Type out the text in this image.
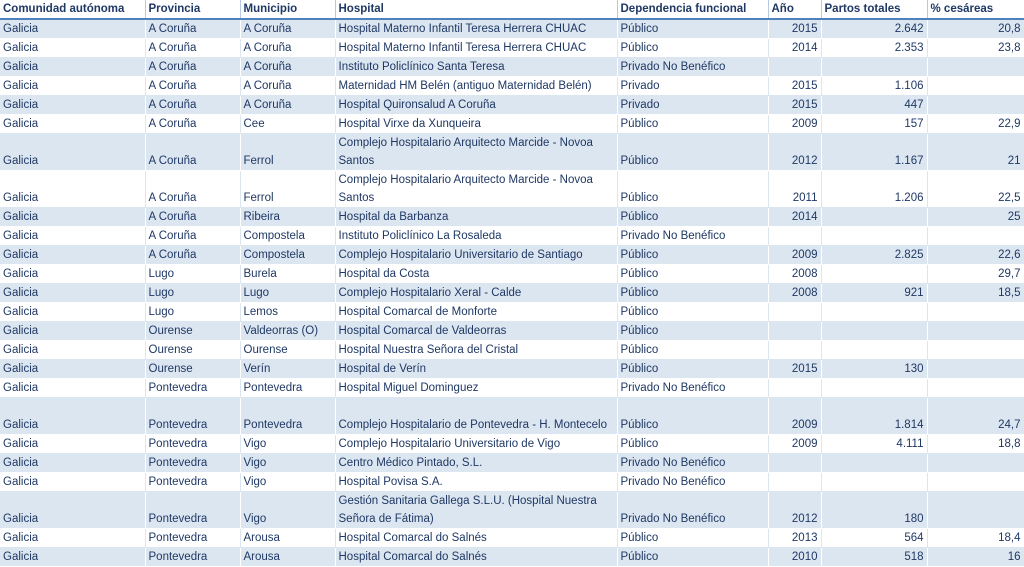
Comunidad autónoma	Provincia	Municipio	Hospital	Dependencia funcional	Año	Partos totales	% cesáreas
Galicia	A Coruña	A Coruña	Hospital Materno Infantil Teresa Herrera CHUAC	Público	2015	2.642	20,8
Galicia	A Coruña	A Coruña	Hospital Materno Infantil Teresa Herrera CHUAC	Público	2014	2.353	23,8
Galicia	A Coruña	A Coruña	Instituto Policlínico Santa Teresa	Privado No Benéfico			
Galicia	A Coruña	A Coruña	Maternidad HM Belén (antiguo Maternidad Belén)	Privado	2015	1.106	
Galicia	A Coruña	A Coruña	Hospital Quironsalud A Coruña	Privado	2015	447	
Galicia	A Coruña	Cee	Hospital Virxe da Xunqueira	Público	2009	157	22,9
Galicia	A Coruña	Ferrol	Complejo Hospitalario Arquitecto Marcide - Novoa Santos	Público	2012	1.167	21
Galicia	A Coruña	Ferrol	Complejo Hospitalario Arquitecto Marcide - Novoa Santos	Público	2011	1.206	22,5
Galicia	A Coruña	Ribeira	Hospital da Barbanza	Público	2014		25
Galicia	A Coruña	Compostela	Instituto Policlínico La Rosaleda	Privado No Benéfico			
Galicia	A Coruña	Compostela	Complejo Hospitalario Universitario de Santiago	Público	2009	2.825	22,6
Galicia	Lugo	Burela	Hospital da Costa	Público	2008		29,7
Galicia	Lugo	Lugo	Complejo Hospitalario Xeral - Calde	Público	2008	921	18,5
Galicia	Lugo	Lemos	Hospital Comarcal de Monforte	Público			
Galicia	Ourense	Valdeorras (O)	Hospital Comarcal de Valdeorras	Público			
Galicia	Ourense	Ourense	Hospital Nuestra Señora del Cristal	Público			
Galicia	Ourense	Verín	Hospital de Verín	Público	2015	130	
Galicia	Pontevedra	Pontevedra	Hospital Miguel Dominguez	Privado No Benéfico			
Galicia	Pontevedra	Pontevedra	Complejo Hospitalario de Pontevedra - H. Montecelo	Público	2009	1.814	24,7
Galicia	Pontevedra	Vigo	Complejo Hospitalario Universitario de Vigo	Público	2009	4.111	18,8
Galicia	Pontevedra	Vigo	Centro Médico Pintado, S.L.	Privado No Benéfico			
Galicia	Pontevedra	Vigo	Hospital Povisa S.A.	Privado No Benéfico			
Galicia	Pontevedra	Vigo	Gestión Sanitaria Gallega S.L.U. (Hospital Nuestra Señora de Fátima)	Privado No Benéfico	2012	180	
Galicia	Pontevedra	Arousa	Hospital Comarcal do Salnés	Público	2013	564	18,4
Galicia	Pontevedra	Arousa	Hospital Comarcal do Salnés	Público	2010	518	16
